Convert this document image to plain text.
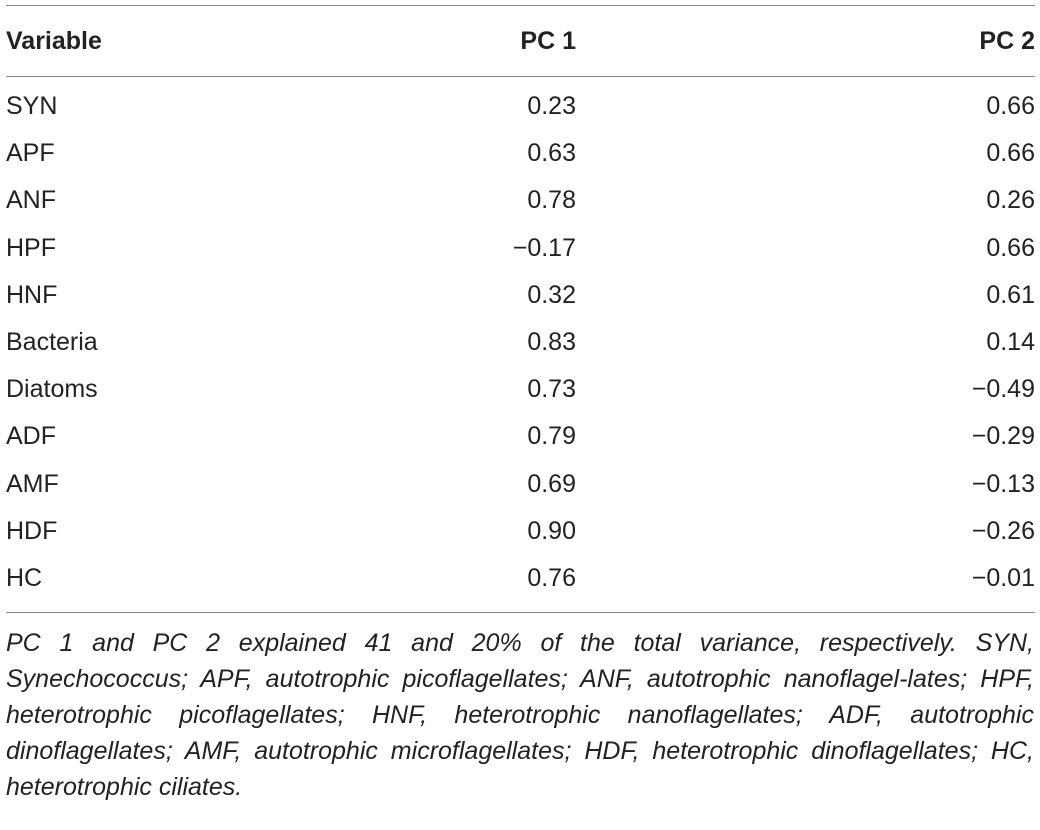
Variable	PC 1	PC 2
SYN	0.23	0.66
APF	0.63	0.66
ANF	0.78	0.26
HPF	−0.17	0.66
HNF	0.32	0.61
Bacteria	0.83	0.14
Diatoms	0.73	−0.49
ADF	0.79	−0.29
AMF	0.69	−0.13
HDF	0.90	−0.26
HC	0.76	−0.01

PC 1 and PC 2 explained 41 and 20% of the total variance, respectively. SYN, Synechococcus; APF, autotrophic picoflagellates; ANF, autotrophic nanoflagel-lates; HPF, heterotrophic picoflagellates; HNF, heterotrophic nanoflagellates; ADF, autotrophic dinoflagellates; AMF, autotrophic microflagellates; HDF, heterotrophic dinoflagellates; HC, heterotrophic ciliates.
